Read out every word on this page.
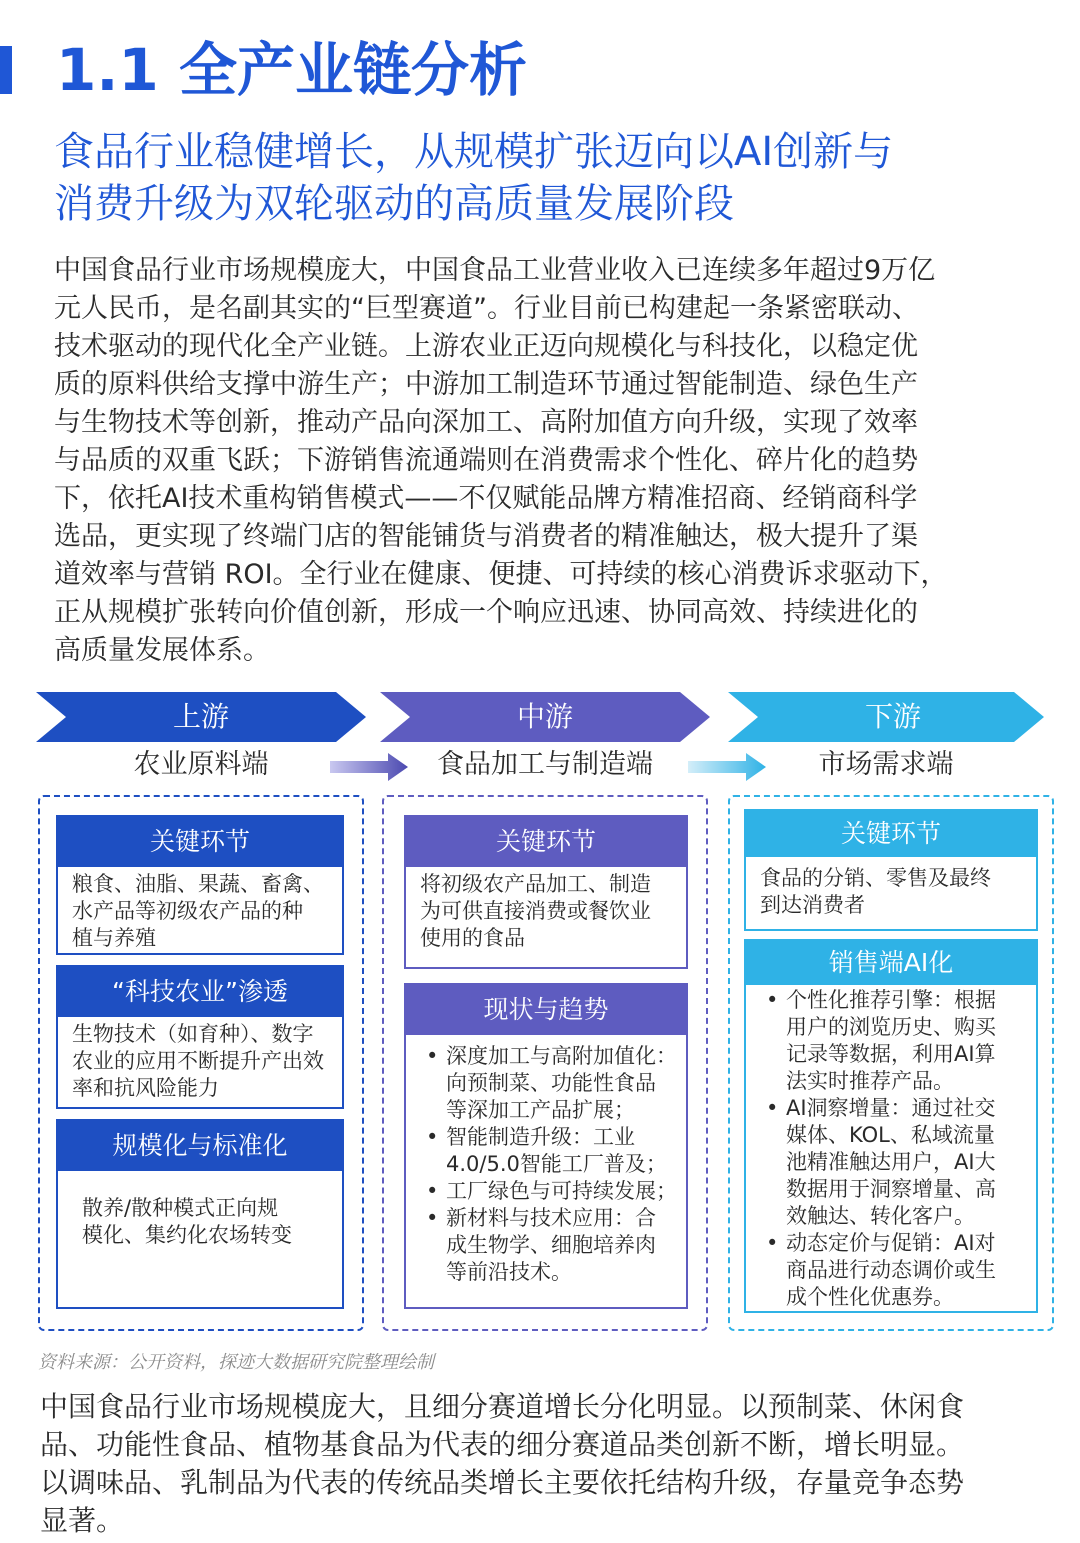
1.1 全产业链分析
食品行业稳健增长，从规模扩张迈向以AI创新与
消费升级为双轮驱动的高质量发展阶段
中国食品行业市场规模庞大，中国食品工业营业收入已连续多年超过9万亿
元人民币，是名副其实的“巨型赛道”。行业目前已构建起一条紧密联动、
技术驱动的现代化全产业链。上游农业正迈向规模化与科技化，以稳定优
质的原料供给支撑中游生产；中游加工制造环节通过智能制造、绿色生产
与生物技术等创新，推动产品向深加工、高附加值方向升级，实现了效率
与品质的双重飞跃；下游销售流通端则在消费需求个性化、碎片化的趋势
下，依托AI技术重构销售模式——不仅赋能品牌方精准招商、经销商科学
选品，更实现了终端门店的智能铺货与消费者的精准触达，极大提升了渠
道效率与营销 ROI。全行业在健康、便捷、可持续的核心消费诉求驱动下，
正从规模扩张转向价值创新，形成一个响应迅速、协同高效、持续进化的
高质量发展体系。
上游	中游	下游
农业原料端	食品加工与制造端	市场需求端
关键环节
粮食、油脂、果蔬、畜禽、
水产品等初级农产品的种
植与养殖
“科技农业”渗透
生物技术（如育种）、数字
农业的应用不断提升产出效
率和抗风险能力
规模化与标准化
散养/散种模式正向规
模化、集约化农场转变
关键环节
将初级农产品加工、制造
为可供直接消费或餐饮业
使用的食品
现状与趋势
• 深度加工与高附加值化：
向预制菜、功能性食品
等深加工产品扩展；
• 智能制造升级：工业
4.0/5.0智能工厂普及；
• 工厂绿色与可持续发展；
• 新材料与技术应用：合
成生物学、细胞培养肉
等前沿技术。
关键环节
食品的分销、零售及最终
到达消费者
销售端AI化
• 个性化推荐引擎：根据
用户的浏览历史、购买
记录等数据，利用AI算
法实时推荐产品。
• AI洞察增量：通过社交
媒体、KOL、私域流量
池精准触达用户，AI大
数据用于洞察增量、高
效触达、转化客户。
• 动态定价与促销：AI对
商品进行动态调价或生
成个性化优惠券。
资料来源：公开资料，探迹大数据研究院整理绘制
中国食品行业市场规模庞大，且细分赛道增长分化明显。以预制菜、休闲食
品、功能性食品、植物基食品为代表的细分赛道品类创新不断，增长明显。
以调味品、乳制品为代表的传统品类增长主要依托结构升级，存量竞争态势
显著。
